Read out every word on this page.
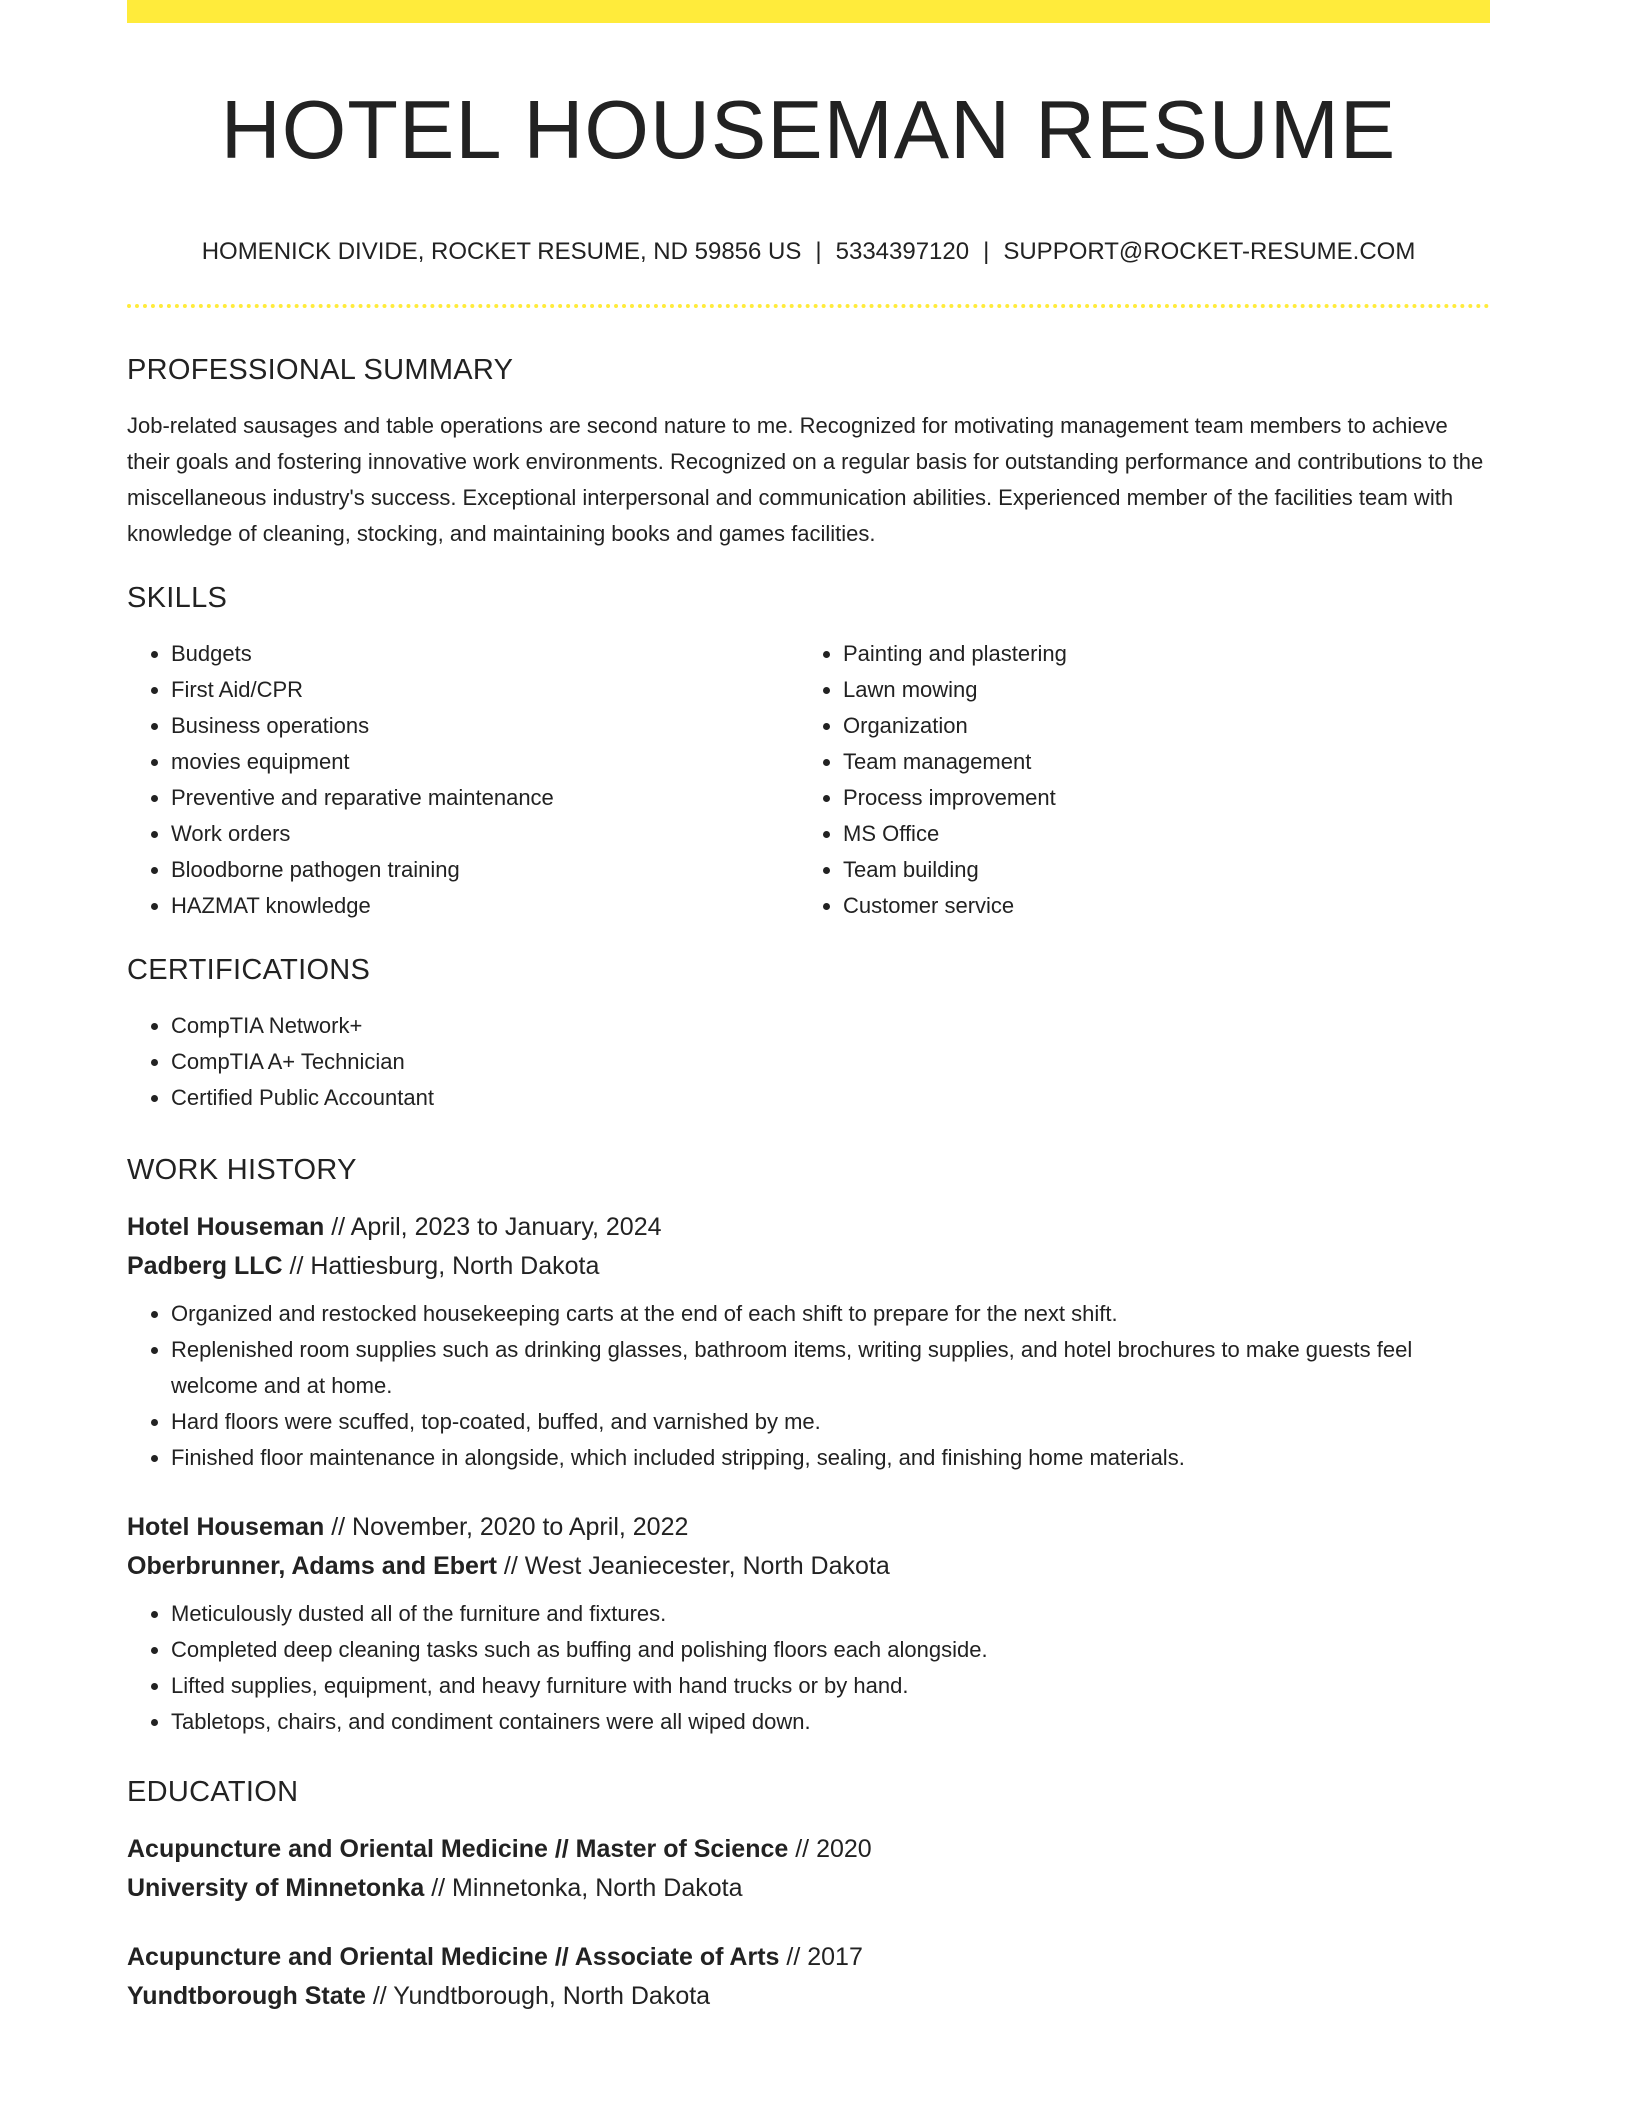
HOTEL HOUSEMAN RESUME
HOMENICK DIVIDE, ROCKET RESUME, ND 59856 US | 5334397120 | SUPPORT@ROCKET-RESUME.COM
PROFESSIONAL SUMMARY

Job-related sausages and table operations are second nature to me. Recognized for motivating management team members to achieve their goals and fostering innovative work environments. Recognized on a regular basis for outstanding performance and contributions to the miscellaneous industry's success. Exceptional interpersonal and communication abilities. Experienced member of the facilities team with knowledge of cleaning, stocking, and maintaining books and games facilities.

SKILLS
• Budgets
• First Aid/CPR
• Business operations
• movies equipment
• Preventive and reparative maintenance
• Work orders
• Bloodborne pathogen training
• HAZMAT knowledge
• Painting and plastering
• Lawn mowing
• Organization
• Team management
• Process improvement
• MS Office
• Team building
• Customer service
CERTIFICATIONS
• CompTIA Network+
• CompTIA A+ Technician
• Certified Public Accountant
WORK HISTORY
Hotel Houseman // April, 2023 to January, 2024
Padberg LLC // Hattiesburg, North Dakota
• Organized and restocked housekeeping carts at the end of each shift to prepare for the next shift.
• Replenished room supplies such as drinking glasses, bathroom items, writing supplies, and hotel brochures to make guests feel welcome and at home.
• Hard floors were scuffed, top-coated, buffed, and varnished by me.
• Finished floor maintenance in alongside, which included stripping, sealing, and finishing home materials.
Hotel Houseman // November, 2020 to April, 2022
Oberbrunner, Adams and Ebert // West Jeaniecester, North Dakota
• Meticulously dusted all of the furniture and fixtures.
• Completed deep cleaning tasks such as buffing and polishing floors each alongside.
• Lifted supplies, equipment, and heavy furniture with hand trucks or by hand.
• Tabletops, chairs, and condiment containers were all wiped down.
EDUCATION
Acupuncture and Oriental Medicine // Master of Science // 2020
University of Minnetonka // Minnetonka, North Dakota
Acupuncture and Oriental Medicine // Associate of Arts // 2017
Yundtborough State // Yundtborough, North Dakota
